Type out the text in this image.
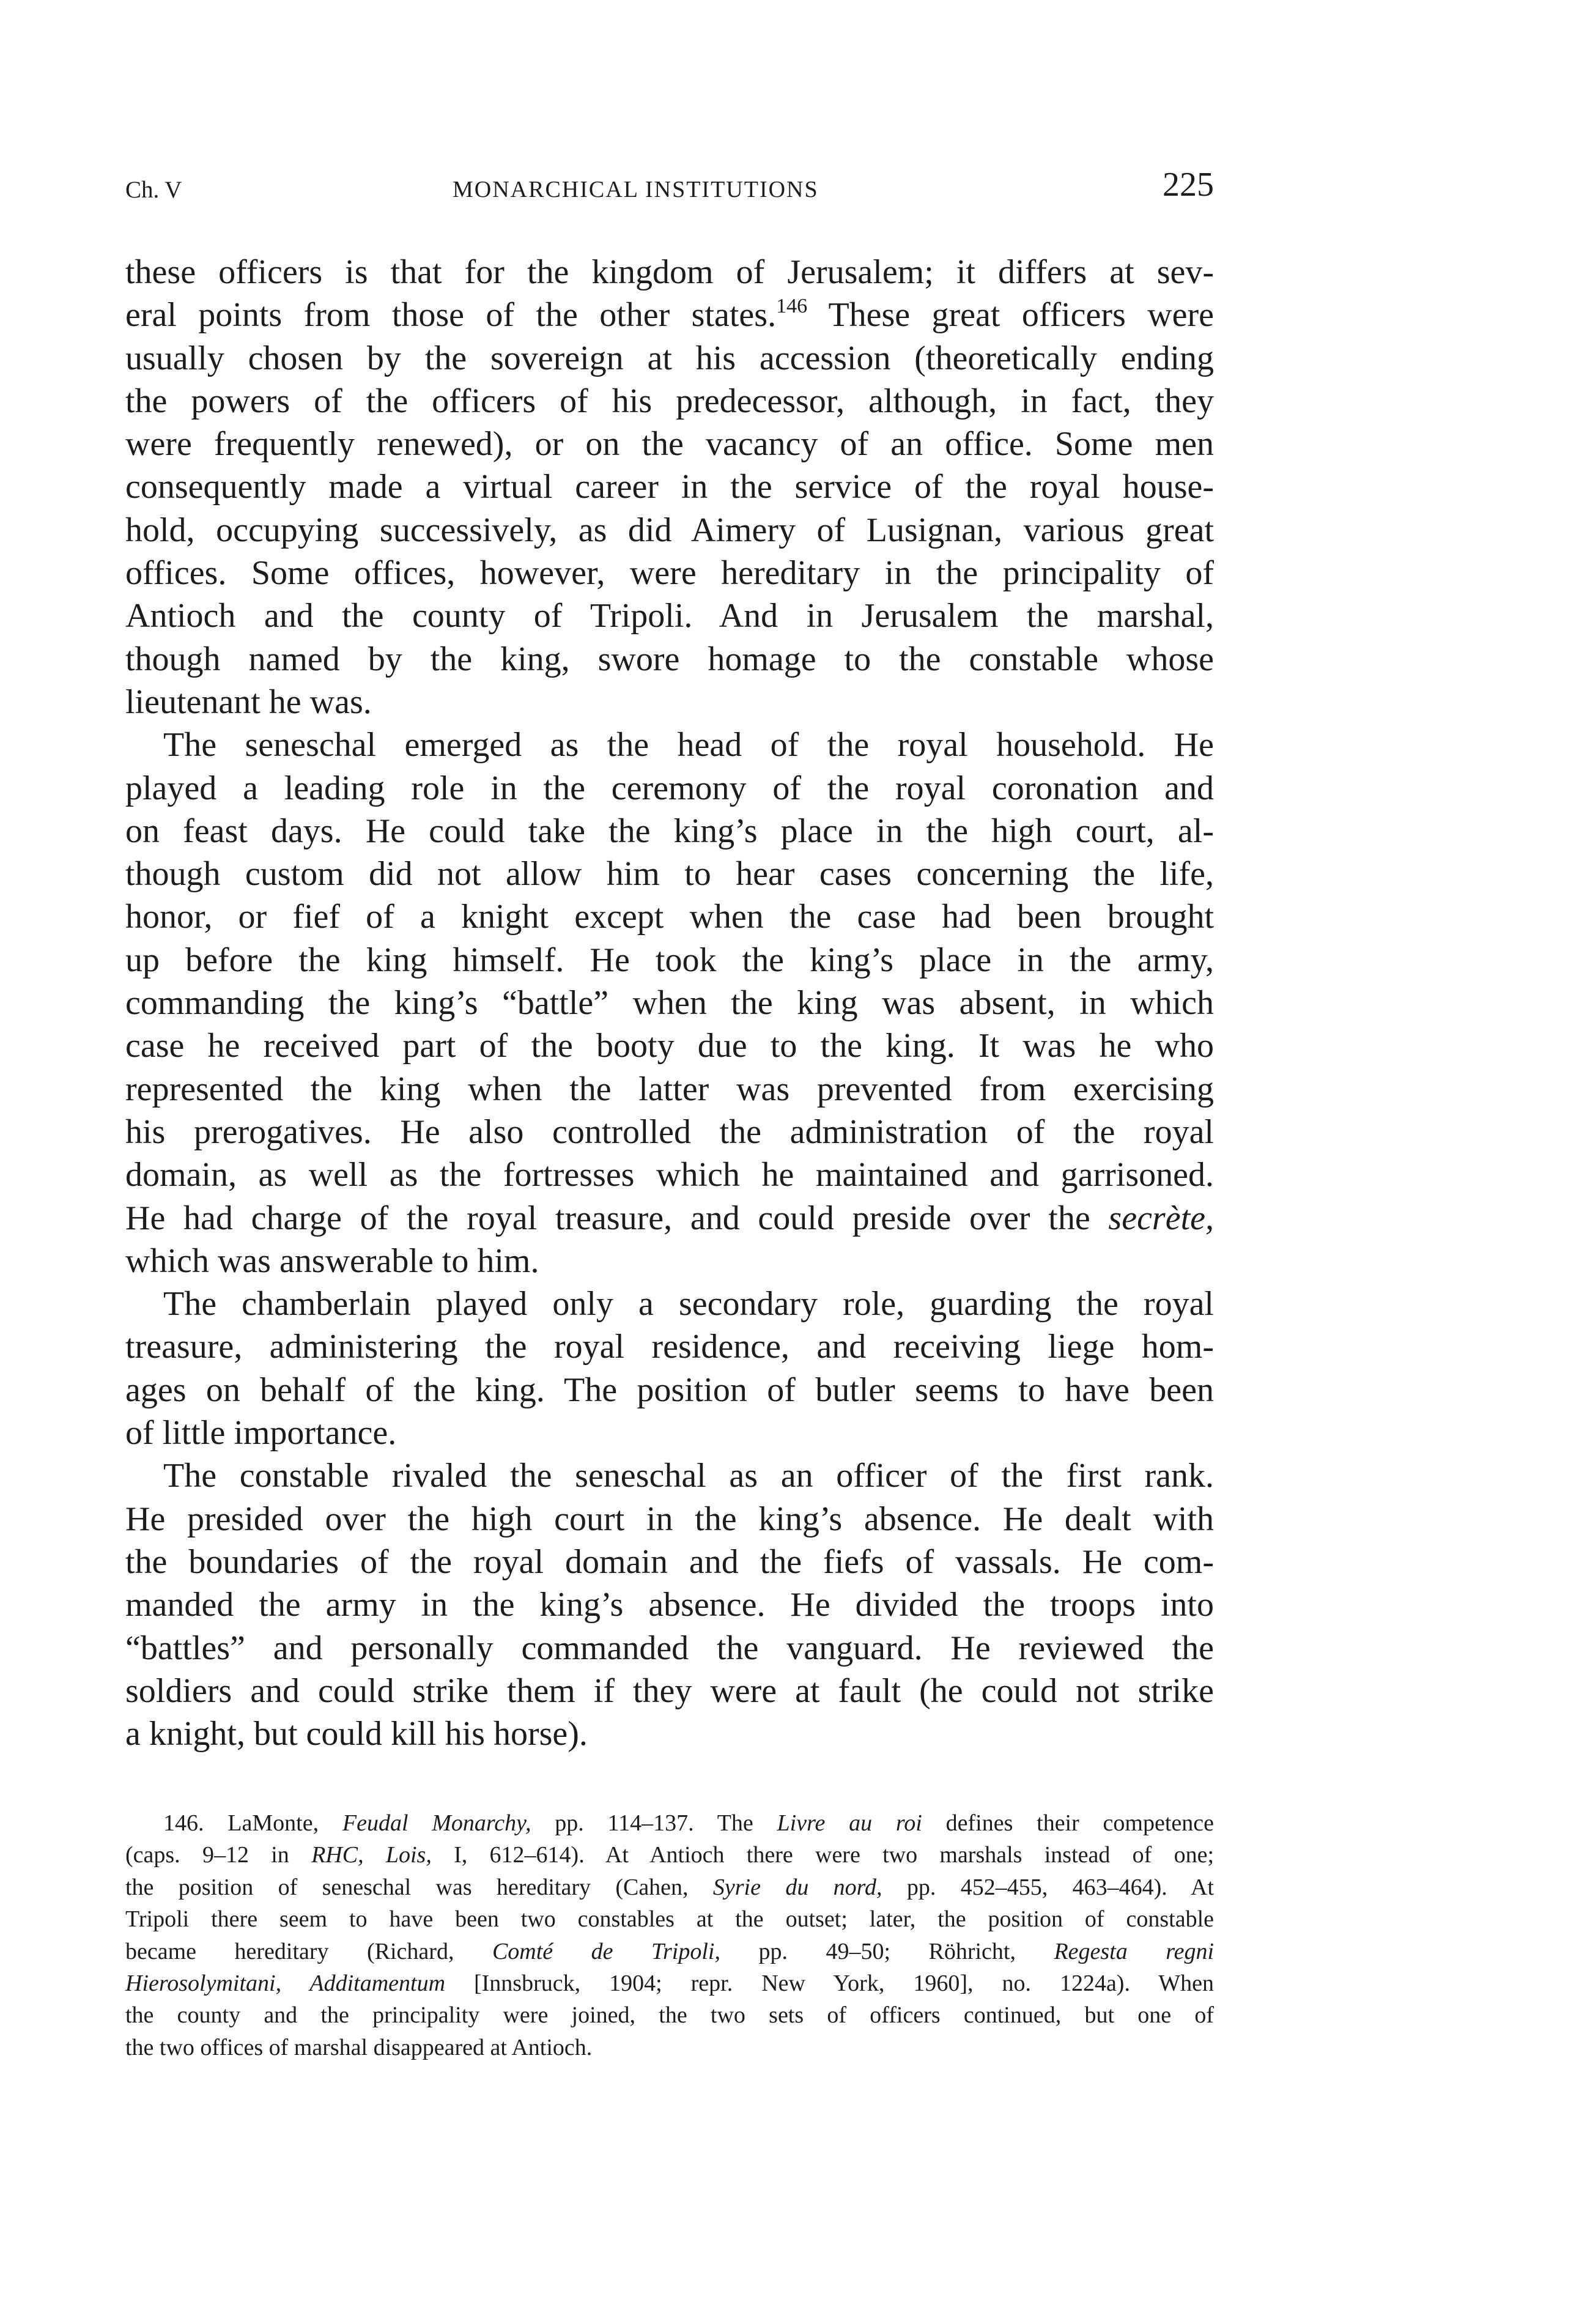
Ch. V	MONARCHICAL INSTITUTIONS	225
these officers is that for the kingdom of Jerusalem; it differs at sev-
eral points from those of the other states.$^{146}$ These great officers were
usually chosen by the sovereign at his accession (theoretically ending
the powers of the officers of his predecessor, although, in fact, they
were frequently renewed), or on the vacancy of an office. Some men
consequently made a virtual career in the service of the royal house-
hold, occupying successively, as did Aimery of Lusignan, various great
offices. Some offices, however, were hereditary in the principality of
Antioch and the county of Tripoli. And in Jerusalem the marshal,
though named by the king, swore homage to the constable whose
lieutenant he was.
The seneschal emerged as the head of the royal household. He
played a leading role in the ceremony of the royal coronation and
on feast days. He could take the king’s place in the high court, al-
though custom did not allow him to hear cases concerning the life,
honor, or fief of a knight except when the case had been brought
up before the king himself. He took the king’s place in the army,
commanding the king’s “battle” when the king was absent, in which
case he received part of the booty due to the king. It was he who
represented the king when the latter was prevented from exercising
his prerogatives. He also controlled the administration of the royal
domain, as well as the fortresses which he maintained and garrisoned.
He had charge of the royal treasure, and could preside over the secrète,
which was answerable to him.
The chamberlain played only a secondary role, guarding the royal
treasure, administering the royal residence, and receiving liege hom-
ages on behalf of the king. The position of butler seems to have been
of little importance.
The constable rivaled the seneschal as an officer of the first rank.
He presided over the high court in the king’s absence. He dealt with
the boundaries of the royal domain and the fiefs of vassals. He com-
manded the army in the king’s absence. He divided the troops into
“battles” and personally commanded the vanguard. He reviewed the
soldiers and could strike them if they were at fault (he could not strike
a knight, but could kill his horse).
146. LaMonte, Feudal Monarchy, pp. 114–137. The Livre au roi defines their competence
(caps. 9–12 in RHC, Lois, I, 612–614). At Antioch there were two marshals instead of one;
the position of seneschal was hereditary (Cahen, Syrie du nord, pp. 452–455, 463–464). At
Tripoli there seem to have been two constables at the outset; later, the position of constable
became hereditary (Richard, Comté de Tripoli, pp. 49–50; Röhricht, Regesta regni
Hierosolymitani, Additamentum [Innsbruck, 1904; repr. New York, 1960], no. 1224a). When
the county and the principality were joined, the two sets of officers continued, but one of
the two offices of marshal disappeared at Antioch.
